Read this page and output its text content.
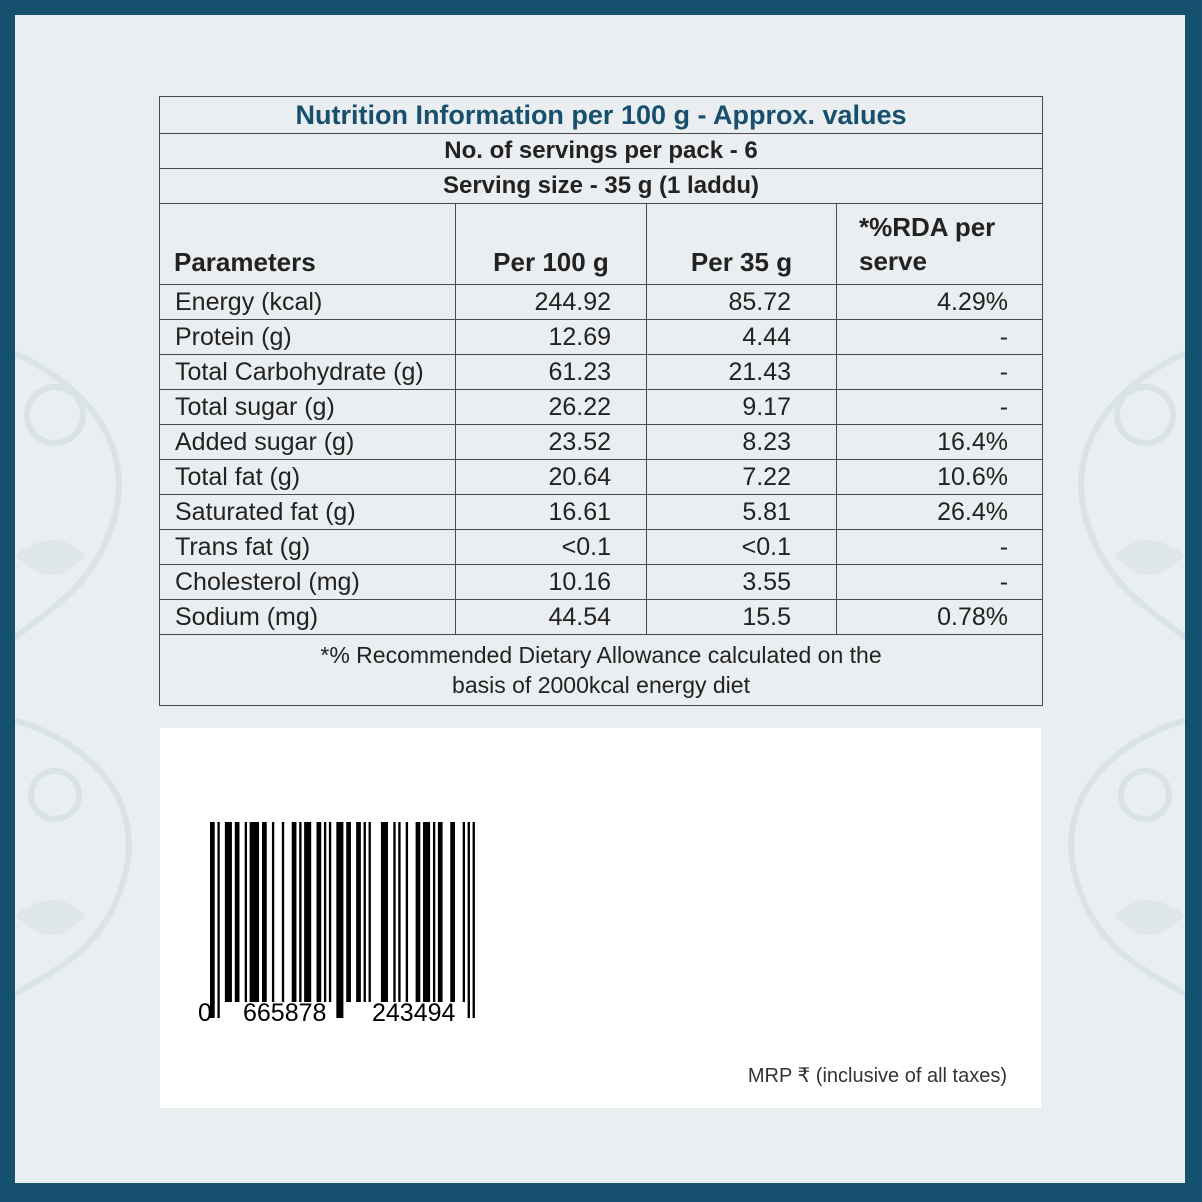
Nutrition Information per 100 g - Approx. values			
No. of servings per pack - 6			
Serving size - 35 g (1 laddu)			
Parameters	Per 100 g	Per 35 g	*%RDA per serve
Energy (kcal)	244.92	85.72	4.29%
Protein (g)	12.69	4.44	-
Total Carbohydrate (g)	61.23	21.43	-
Total sugar (g)	26.22	9.17	-
Added sugar (g)	23.52	8.23	16.4%
Total fat (g)	20.64	7.22	10.6%
Saturated fat (g)	16.61	5.81	26.4%
Trans fat (g)	<0.1	<0.1	-
Cholesterol (mg)	10.16	3.55	-
Sodium (mg)	44.54	15.5	0.78%

*% Recommended Dietary Allowance calculated on the
basis of 2000kcal energy diet			
0 665878 243494
MRP ₹ (inclusive of all taxes)
